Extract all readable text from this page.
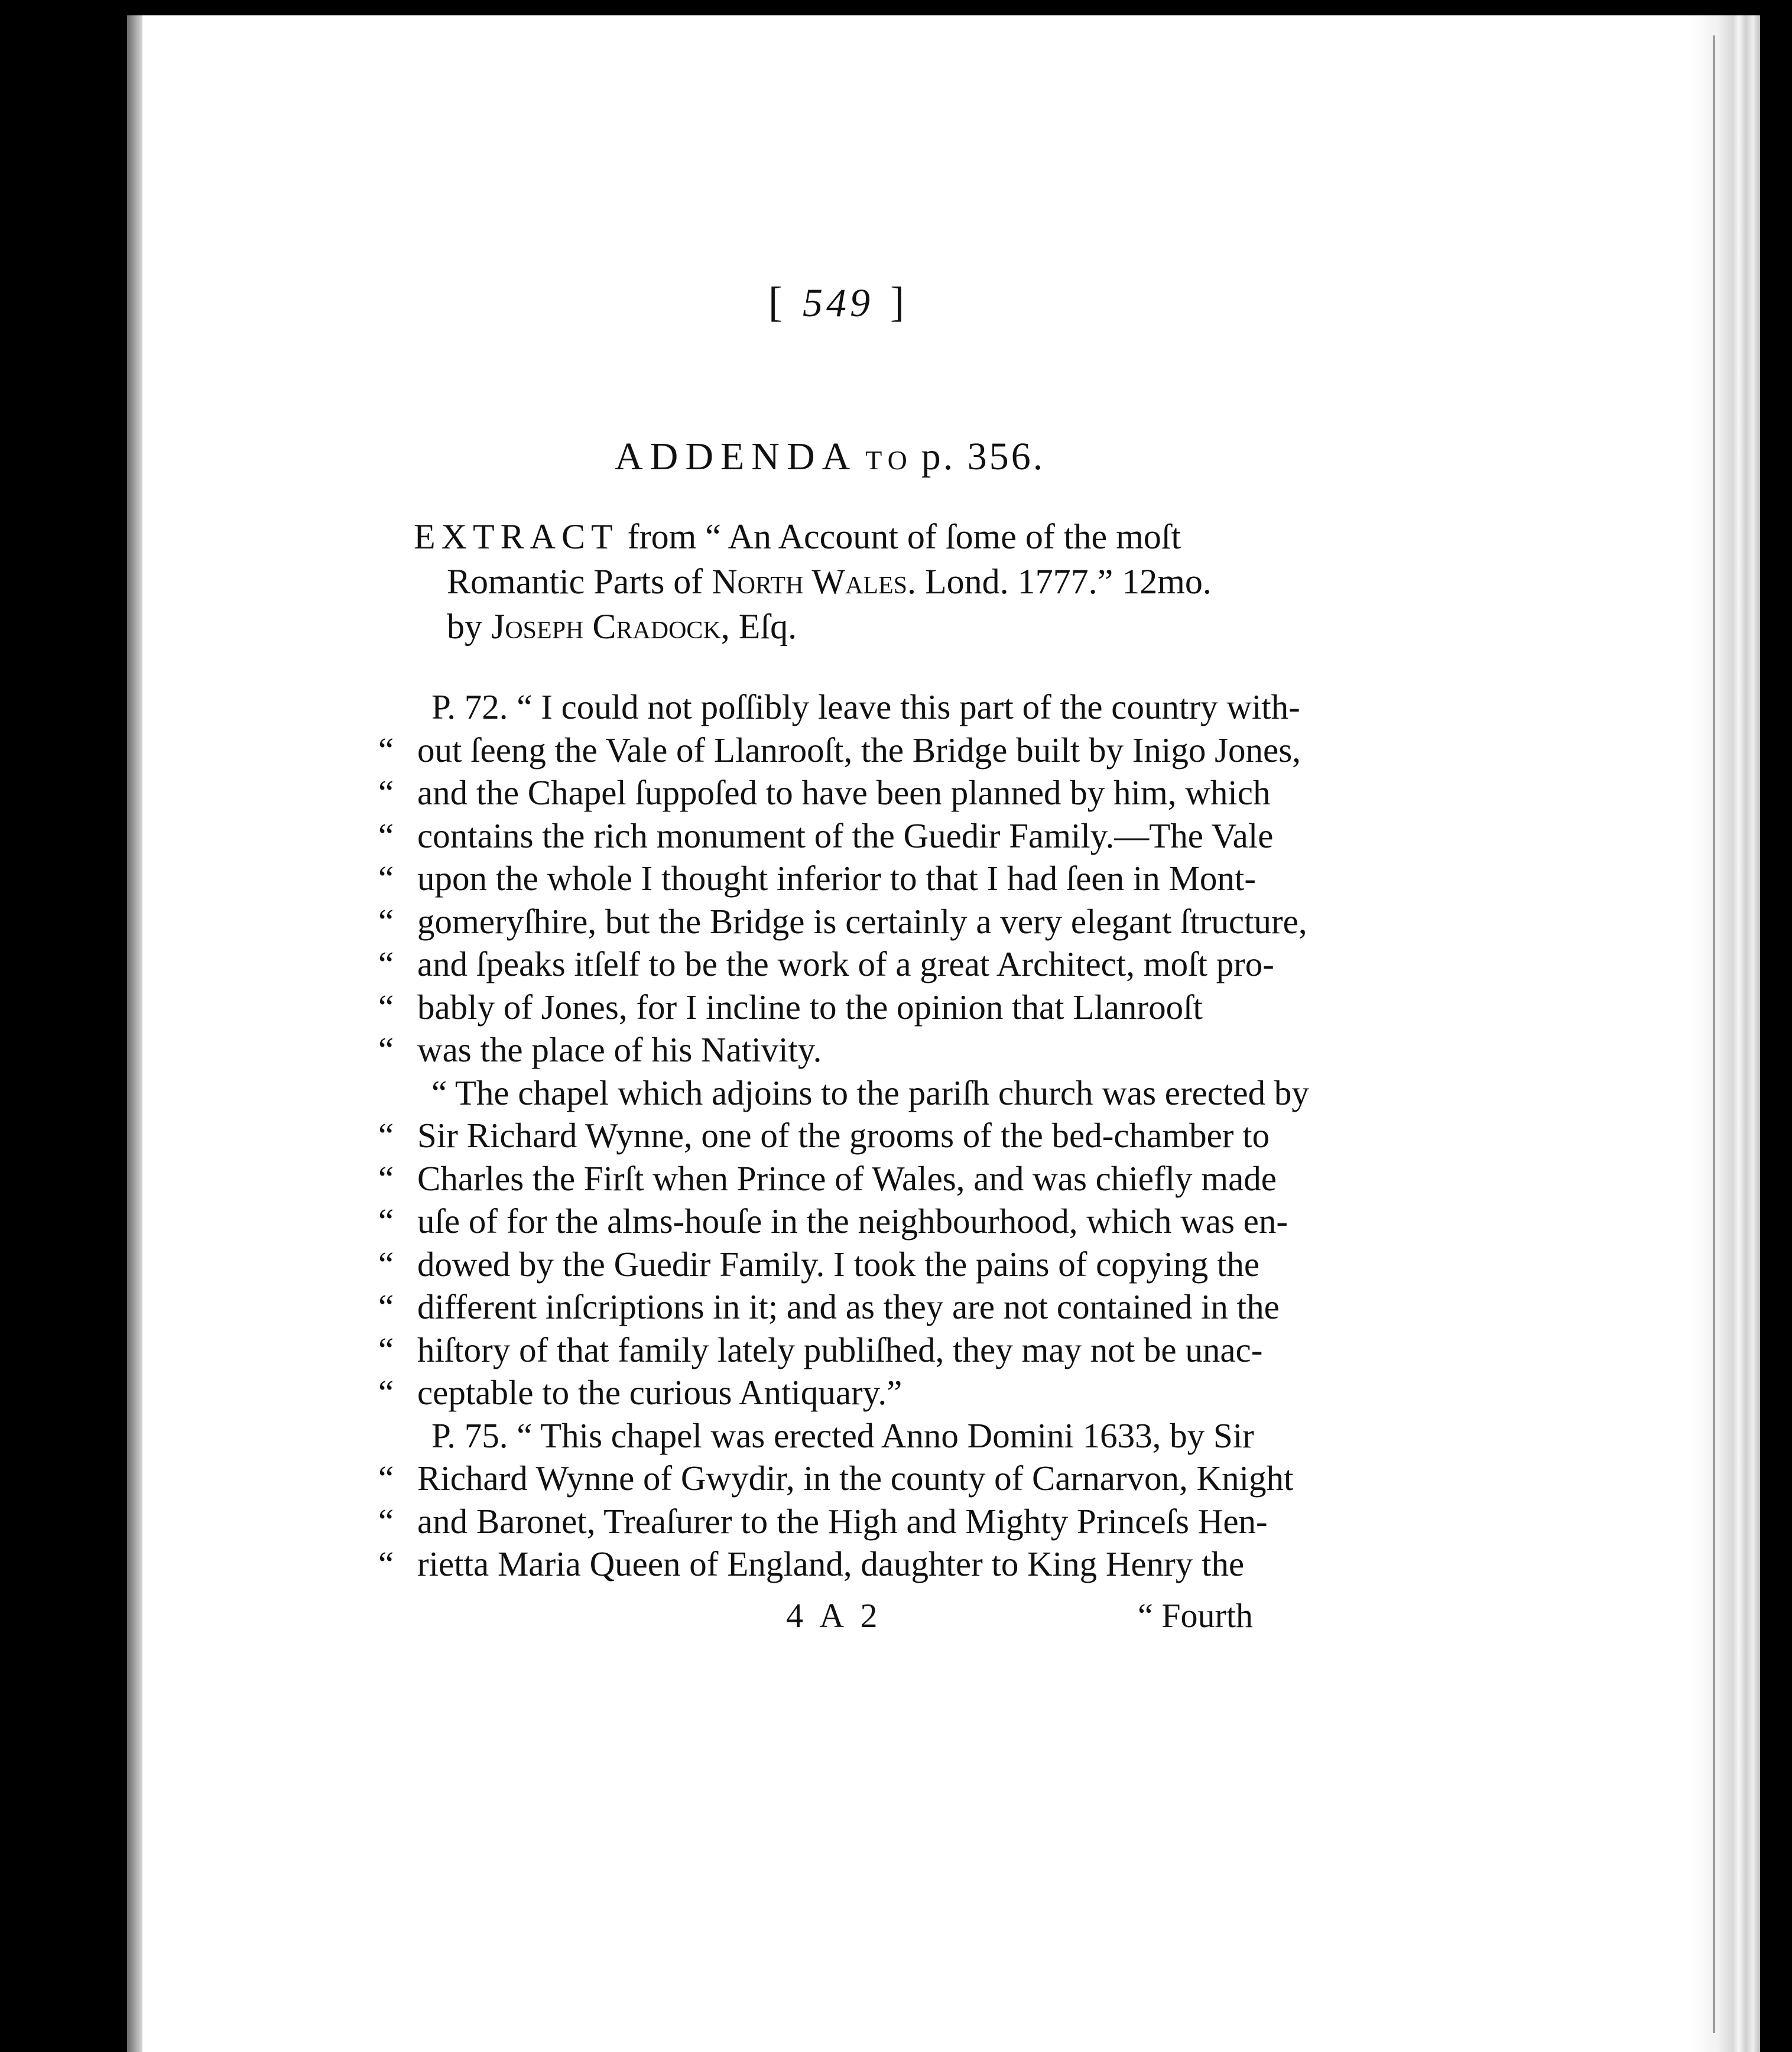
[ 549 ]
ADDENDA TO p. 356.
EXTRACT from “ An Account of ſome of the moſt
Romantic Parts of North Wales. Lond. 1777.” 12mo.
by Joseph Cradock, Eſq.
P. 72. “ I could not poſſibly leave this part of the country with-
“ out ſeeng the Vale of Llanrooſt, the Bridge built by Inigo Jones,
“ and the Chapel ſuppoſed to have been planned by him, which
“ contains the rich monument of the Guedir Family.—The Vale
“ upon the whole I thought inferior to that I had ſeen in Mont-
“ gomeryſhire, but the Bridge is certainly a very elegant ſtructure,
“ and ſpeaks itſelf to be the work of a great Architect, moſt pro-
“ bably of Jones, for I incline to the opinion that Llanrooſt
“ was the place of his Nativity.
“ The chapel which adjoins to the pariſh church was erected by
“ Sir Richard Wynne, one of the grooms of the bed-chamber to
“ Charles the Firſt when Prince of Wales, and was chiefly made
“ uſe of for the alms-houſe in the neighbourhood, which was en-
“ dowed by the Guedir Family. I took the pains of copying the
“ different inſcriptions in it; and as they are not contained in the
“ hiſtory of that family lately publiſhed, they may not be unac-
“ ceptable to the curious Antiquary.”
P. 75. “ This chapel was erected Anno Domini 1633, by Sir
“ Richard Wynne of Gwydir, in the county of Carnarvon, Knight
“ and Baronet, Treaſurer to the High and Mighty Princeſs Hen-
“ rietta Maria Queen of England, daughter to King Henry the
4 A 2	“ Fourth
